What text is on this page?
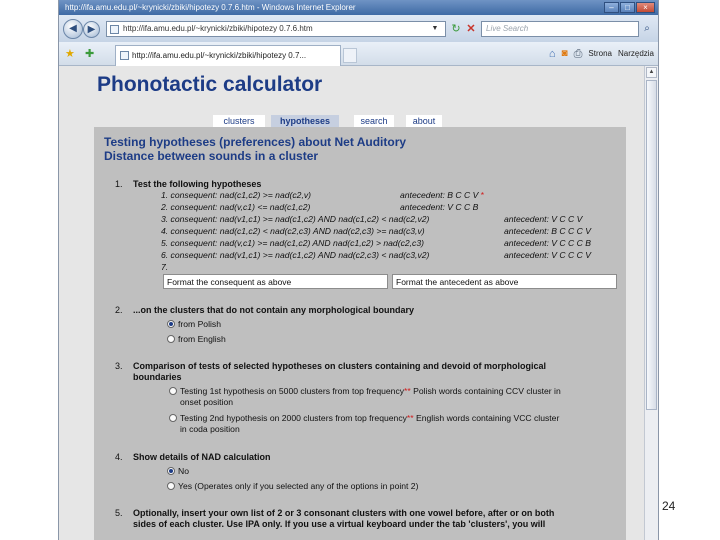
http://ifa.amu.edu.pl/~krynicki/zbiki/hipotezy 0.7.6.htm - Windows Internet Explorer	–	□	×
◀	▶	http://ifa.amu.edu.pl/~krynicki/zbiki/hipotezy 0.7.6.htm	▼ ↻ ✕	Live Search	⌕
★ ✚	http://ifa.amu.edu.pl/~krynicki/zbiki/hipotezy 0.7...	⌂ ◙ ⎙ Strona Narzędzia
Phonotactic calculator
clusters	hypotheses	search	about
Testing hypotheses (preferences) about Net Auditory
Distance between sounds in a cluster
1. Test the following hypotheses
1. consequent: nad(c1,c2) >= nad(c2,v)	antecedent: B C C V *
2. consequent: nad(v,c1) <= nad(c1,c2)	antecedent: V C C B
3. consequent: nad(v1,c1) >= nad(c1,c2) AND nad(c1,c2) < nad(c2,v2)	antecedent: V C C V
4. consequent: nad(c1,c2) < nad(c2,c3) AND nad(c2,c3) >= nad(c3,v)	antecedent: B C C C V
5. consequent: nad(v,c1) >= nad(c1,c2) AND nad(c1,c2) > nad(c2,c3)	antecedent: V C C C B
6. consequent: nad(v1,c1) >= nad(c1,c2) AND nad(c2,c3) < nad(c3,v2)	antecedent: V C C C V
7.
Format the consequent as above
Format the antecedent as above
2. ...on the clusters that do not contain any morphological boundary
from Polish
from English
3. Comparison of tests of selected hypotheses on clusters containing and devoid of morphological
boundaries
Testing 1st hypothesis on 5000 clusters from top frequency** Polish words containing CCV cluster in
onset position
Testing 2nd hypothesis on 2000 clusters from top frequency** English words containing VCC cluster
in coda position
4. Show details of NAD calculation
No
Yes (Operates only if you selected any of the options in point 2)
5. Optionally, insert your own list of 2 or 3 consonant clusters with one vowel before, after or on both
sides of each cluster. Use IPA only. If you use a virtual keyboard under the tab 'clusters', you will
▲
24
